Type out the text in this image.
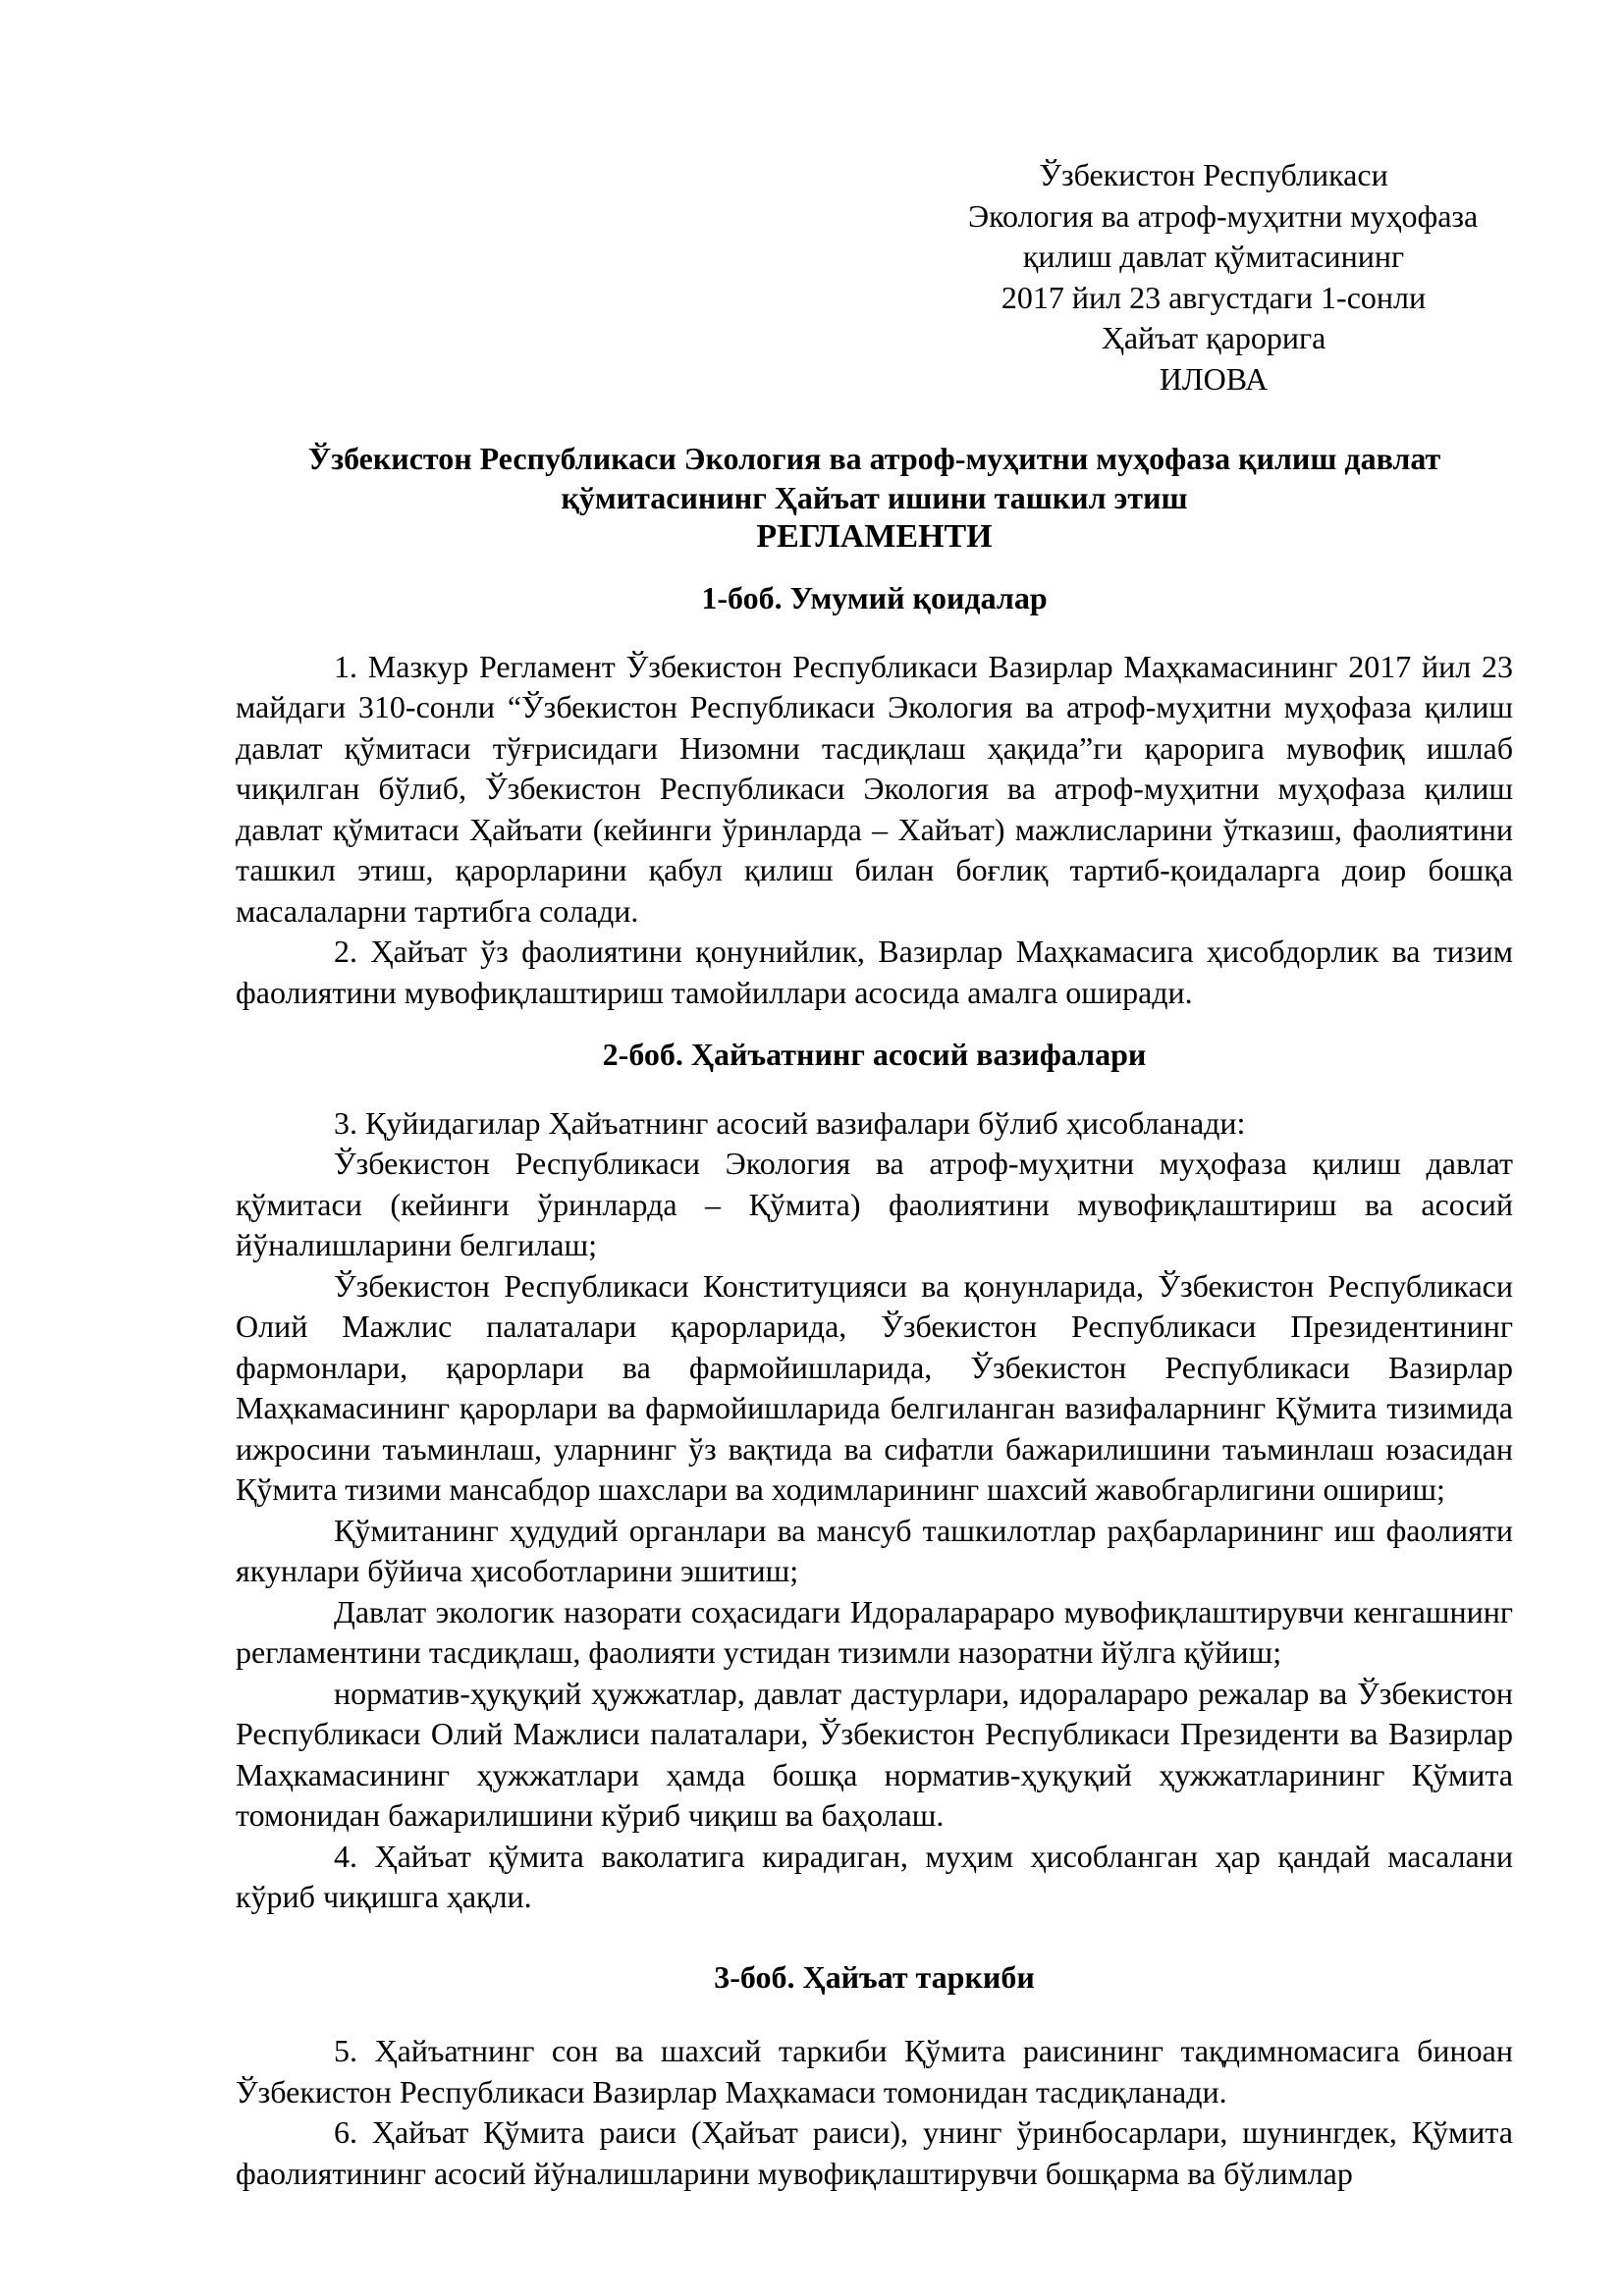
Ўзбекистон Республикаси
Экология ва атроф-муҳитни муҳофаза
қилиш давлат қўмитасининг
2017 йил 23 августдаги 1-сонли
Ҳайъат қарорига
ИЛОВА
Ўзбекистон Республикаси Экология ва атроф-муҳитни муҳофаза қилиш давлат
қўмитасининг Ҳайъат ишини ташкил этиш
РЕГЛАМЕНТИ
1-боб. Умумий қоидалар

1. Мазкур Регламент Ўзбекистон Республикаси Вазирлар Маҳкамасининг 2017 йил 23 майдаги 310-сонли “Ўзбекистон Республикаси Экология ва атроф-муҳитни муҳофаза қилиш давлат қўмитаси тўғрисидаги Низомни тасдиқлаш ҳақида”ги қарорига мувофиқ ишлаб чиқилган бўлиб, Ўзбекистон Республикаси Экология ва атроф-муҳитни муҳофаза қилиш давлат қўмитаси Ҳайъати (кейинги ўринларда – Хайъат) мажлисларини ўтказиш, фаолиятини ташкил этиш, қарорларини қабул қилиш билан боғлиқ тартиб-қоидаларга доир бошқа масалаларни тартибга солади.

2. Ҳайъат ўз фаолиятини қонунийлик, Вазирлар Маҳкамасига ҳисобдорлик ва тизим фаолиятини мувофиқлаштириш тамойиллари асосида амалга оширади.

2-боб. Ҳайъатнинг асосий вазифалари

3. Қуйидагилар Ҳайъатнинг асосий вазифалари бўлиб ҳисобланади:

Ўзбекистон Республикаси Экология ва атроф-муҳитни муҳофаза қилиш давлат қўмитаси (кейинги ўринларда – Қўмита) фаолиятини мувофиқлаштириш ва асосий йўналишларини белгилаш;

Ўзбекистон Республикаси Конституцияси ва қонунларида, Ўзбекистон Республикаси Олий Мажлис палаталари қарорларида, Ўзбекистон Республикаси Президентининг фармонлари, қарорлари ва фармойишларида, Ўзбекистон Республикаси Вазирлар Маҳкамасининг қарорлари ва фармойишларида белгиланган вазифаларнинг Қўмита тизимида ижросини таъминлаш, уларнинг ўз вақтида ва сифатли бажарилишини таъминлаш юзасидан Қўмита тизими мансабдор шахслари ва ходимларининг шахсий жавобгарлигини ошириш;

Қўмитанинг ҳудудий органлари ва мансуб ташкилотлар раҳбарларининг иш фаолияти якунлари бўйича ҳисоботларини эшитиш;

Давлат экологик назорати соҳасидаги Идораларараро мувофиқлаштирувчи кенгашнинг регламентини тасдиқлаш, фаолияти устидан тизимли назоратни йўлга қўйиш;

норматив-ҳуқуқий ҳужжатлар, давлат дастурлари, идоралараро режалар ва Ўзбекистон Республикаси Олий Мажлиси палаталари, Ўзбекистон Республикаси Президенти ва Вазирлар Маҳкамасининг ҳужжатлари ҳамда бошқа норматив-ҳуқуқий ҳужжатларининг Қўмита томонидан бажарилишини кўриб чиқиш ва баҳолаш.

4. Ҳайъат қўмита ваколатига кирадиган, муҳим ҳисобланган ҳар қандай масалани кўриб чиқишга ҳақли.

3-боб. Ҳайъат таркиби

5. Ҳайъатнинг сон ва шахсий таркиби Қўмита раисининг тақдимномасига биноан Ўзбекистон Республикаси Вазирлар Маҳкамаси томонидан тасдиқланади.

6. Ҳайъат Қўмита раиси (Ҳайъат раиси), унинг ўринбосарлари, шунингдек, Қўмита фаолиятининг асосий йўналишларини мувофиқлаштирувчи бошқарма ва бўлимлар
